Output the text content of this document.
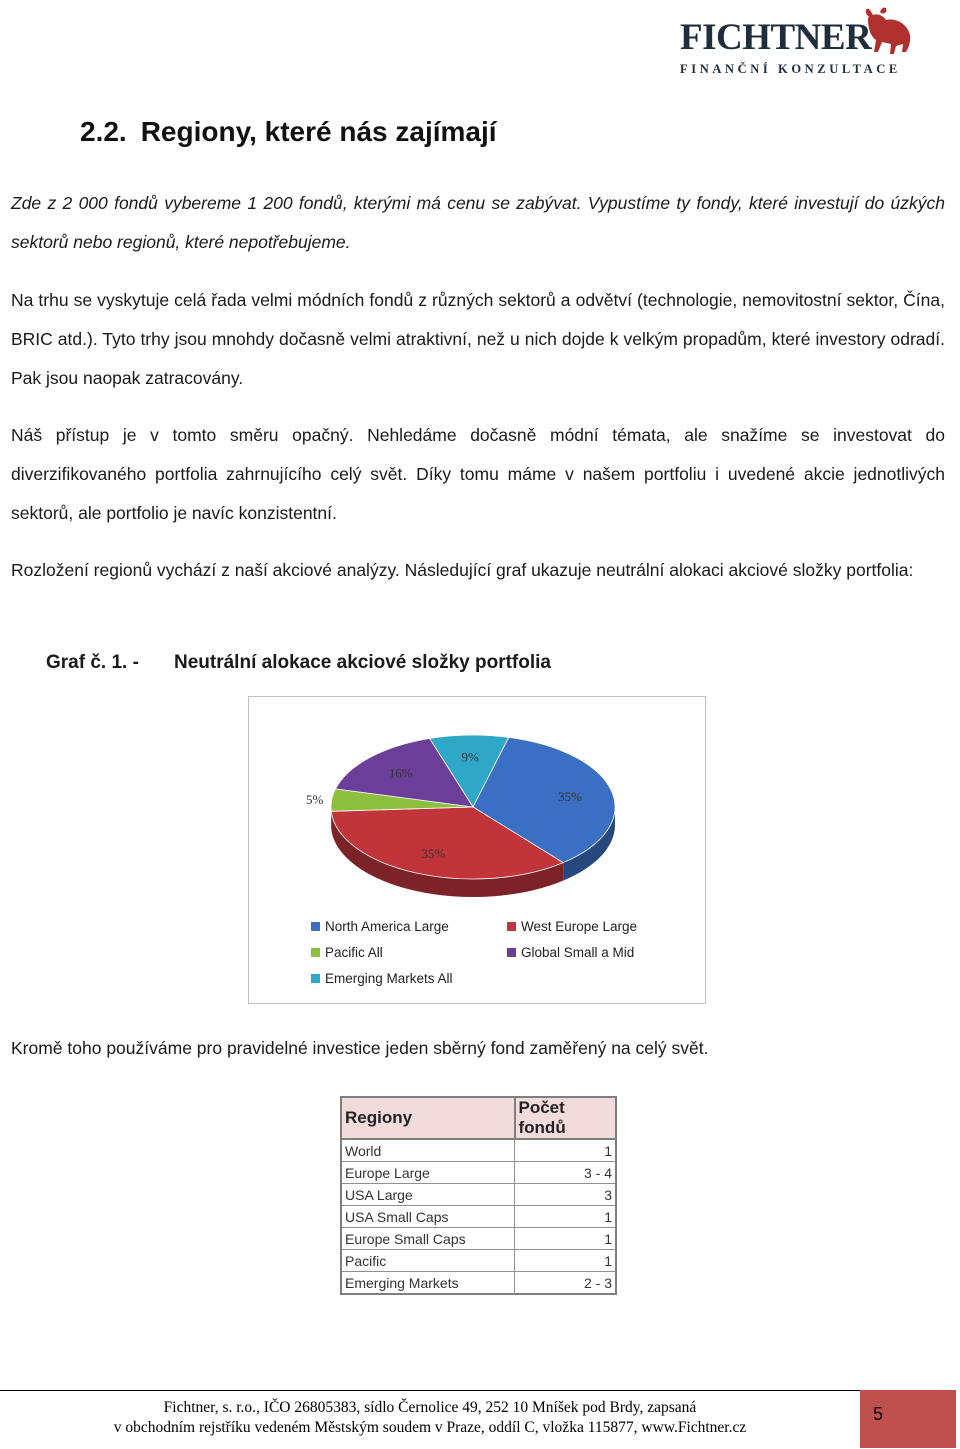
FICHTNER
FINANČNÍ KONZULTACE
2.2. Regiony, které nás zajímají
Zde z 2 000 fondů vybereme 1 200 fondů, kterými má cenu se zabývat. Vypustíme ty fondy, které investují do úzkých sektorů nebo regionů, které nepotřebujeme.
Na trhu se vyskytuje celá řada velmi módních fondů z různých sektorů a odvětví (technologie, nemovitostní sektor, Čína, BRIC atd.). Tyto trhy jsou mnohdy dočasně velmi atraktivní, než u nich dojde k velkým propadům, které investory odradí. Pak jsou naopak zatracovány.
Náš přístup je v tomto směru opačný. Nehledáme dočasně módní témata, ale snažíme se investovat do diverzifikovaného portfolia zahrnujícího celý svět. Díky tomu máme v našem portfoliu i uvedené akcie jednotlivých sektorů, ale portfolio je navíc konzistentní.
Rozložení regionů vychází z naší akciové analýzy. Následující graf ukazuje neutrální alokaci akciové složky portfolia:
Graf č. 1. - Neutrální alokace akciové složky portfolia
9%
35%
35%
5%
16%
North America Large	West Europe Large
Pacific All	Global Small a Mid
Emerging Markets All
Kromě toho používáme pro pravidelné investice jeden sběrný fond zaměřený na celý svět.
Regiony	Počet fondů
World	1
Europe Large	3 - 4
USA Large	3
USA Small Caps	1
Europe Small Caps	1
Pacific	1
Emerging Markets	2 - 3
Fichtner, s. r.o., IČO 26805383, sídlo Černolice 49, 252 10 Mníšek pod Brdy, zapsaná
v obchodním rejstříku vedeném Městským soudem v Praze, oddíl C, vložka 115877, www.Fichtner.cz
5
